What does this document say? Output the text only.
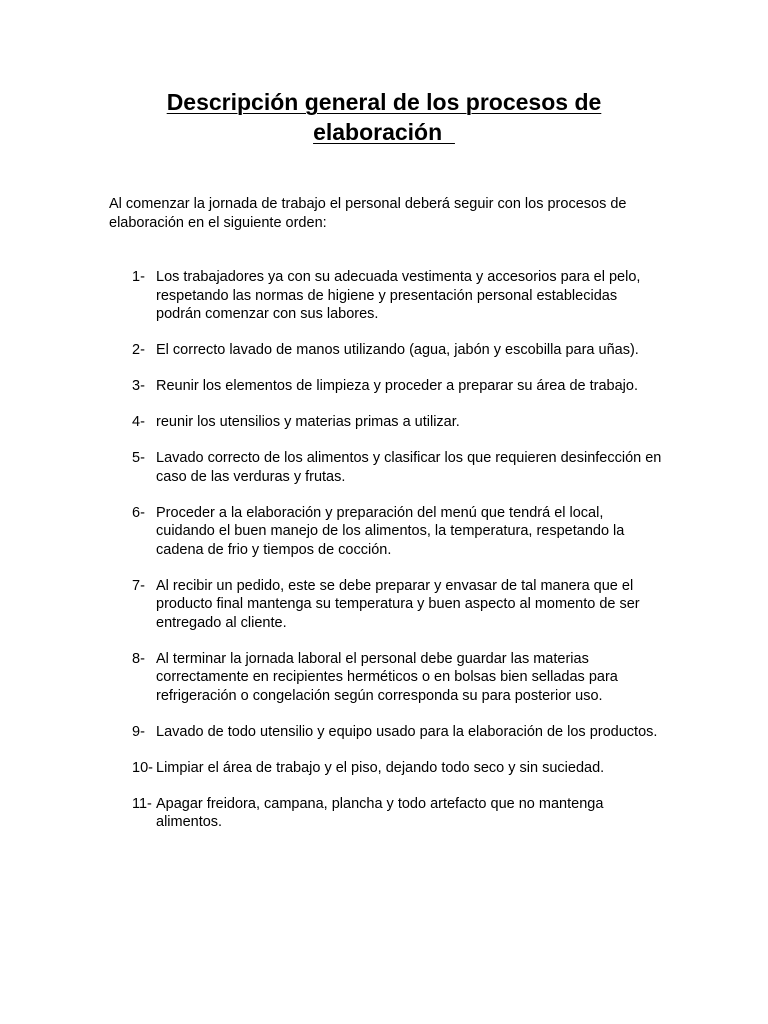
Descripción general de los procesos de
elaboración

Al comenzar la jornada de trabajo el personal deberá seguir con los procesos de elaboración en el siguiente orden:

1- Los trabajadores ya con su adecuada vestimenta y accesorios para el pelo, respetando las normas de higiene y presentación personal establecidas podrán comenzar con sus labores.
2- El correcto lavado de manos utilizando (agua, jabón y escobilla para uñas).
3- Reunir los elementos de limpieza y proceder a preparar su área de trabajo.
4- reunir los utensilios y materias primas a utilizar.
5- Lavado correcto de los alimentos y clasificar los que requieren desinfección en caso de las verduras y frutas.
6- Proceder a la elaboración y preparación del menú que tendrá el local, cuidando el buen manejo de los alimentos, la temperatura, respetando la cadena de frio y tiempos de cocción.
7- Al recibir un pedido, este se debe preparar y envasar de tal manera que el producto final mantenga su temperatura y buen aspecto al momento de ser entregado al cliente.
8- Al terminar la jornada laboral el personal debe guardar las materias correctamente en recipientes herméticos o en bolsas bien selladas para refrigeración o congelación según corresponda su para posterior uso.
9- Lavado de todo utensilio y equipo usado para la elaboración de los productos.
10- Limpiar el área de trabajo y el piso, dejando todo seco y sin suciedad.
11- Apagar freidora, campana, plancha y todo artefacto que no mantenga alimentos.
